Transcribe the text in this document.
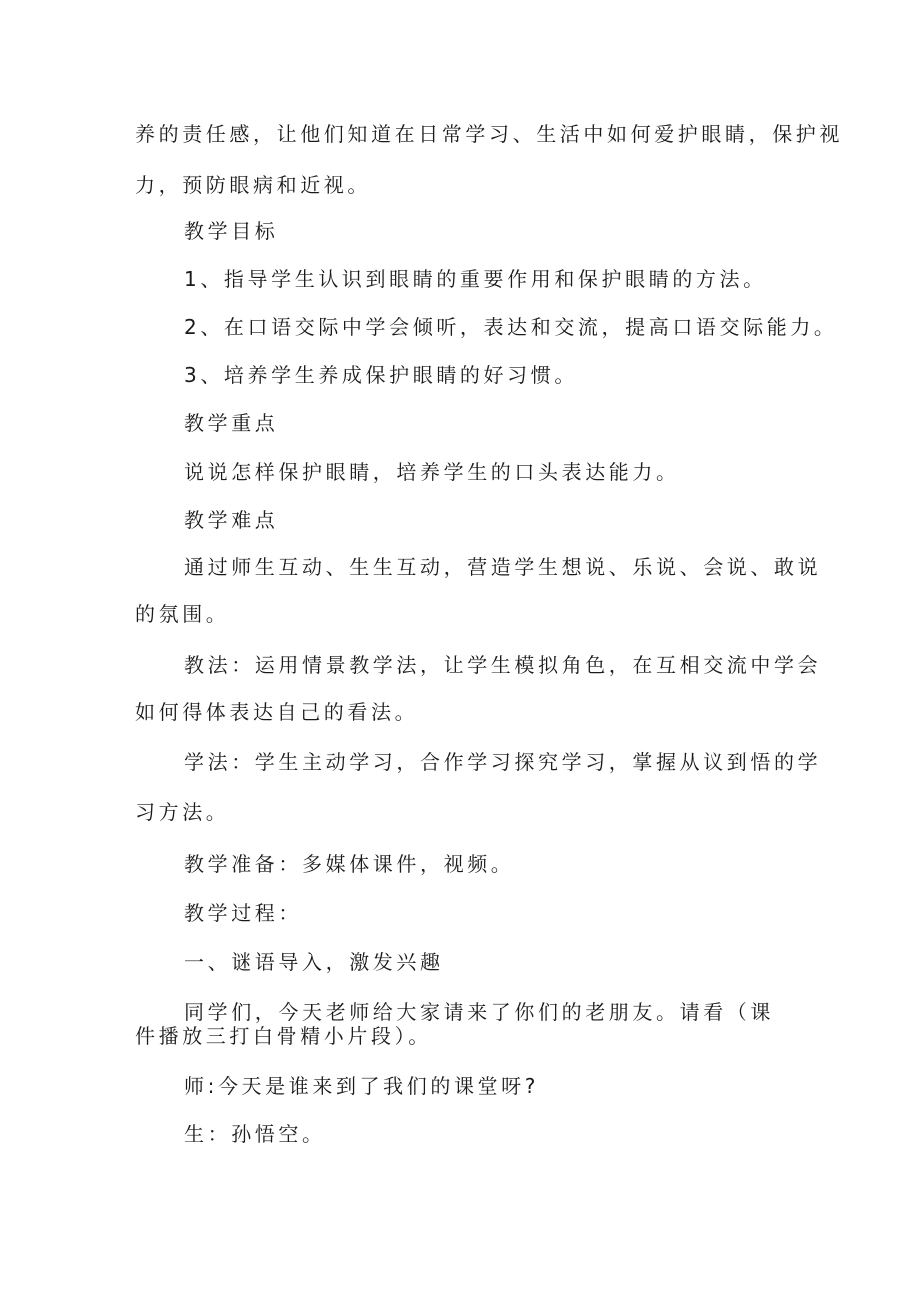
养的责任感，让他们知道在日常学习、生活中如何爱护眼睛，保护视
力，预防眼病和近视。
教学目标
1、指导学生认识到眼睛的重要作用和保护眼睛的方法。
2、在口语交际中学会倾听，表达和交流，提高口语交际能力。
3、培养学生养成保护眼睛的好习惯。
教学重点
说说怎样保护眼睛，培养学生的口头表达能力。
教学难点
通过师生互动、生生互动，营造学生想说、乐说、会说、敢说
的氛围。
教法：运用情景教学法，让学生模拟角色，在互相交流中学会
如何得体表达自己的看法。
学法：学生主动学习，合作学习探究学习，掌握从议到悟的学
习方法。
教学准备：多媒体课件，视频。
教学过程：
一、谜语导入，激发兴趣
同学们，今天老师给大家请来了你们的老朋友。请看（课
件播放三打白骨精小片段）。
师:今天是谁来到了我们的课堂呀?
生：孙悟空。
